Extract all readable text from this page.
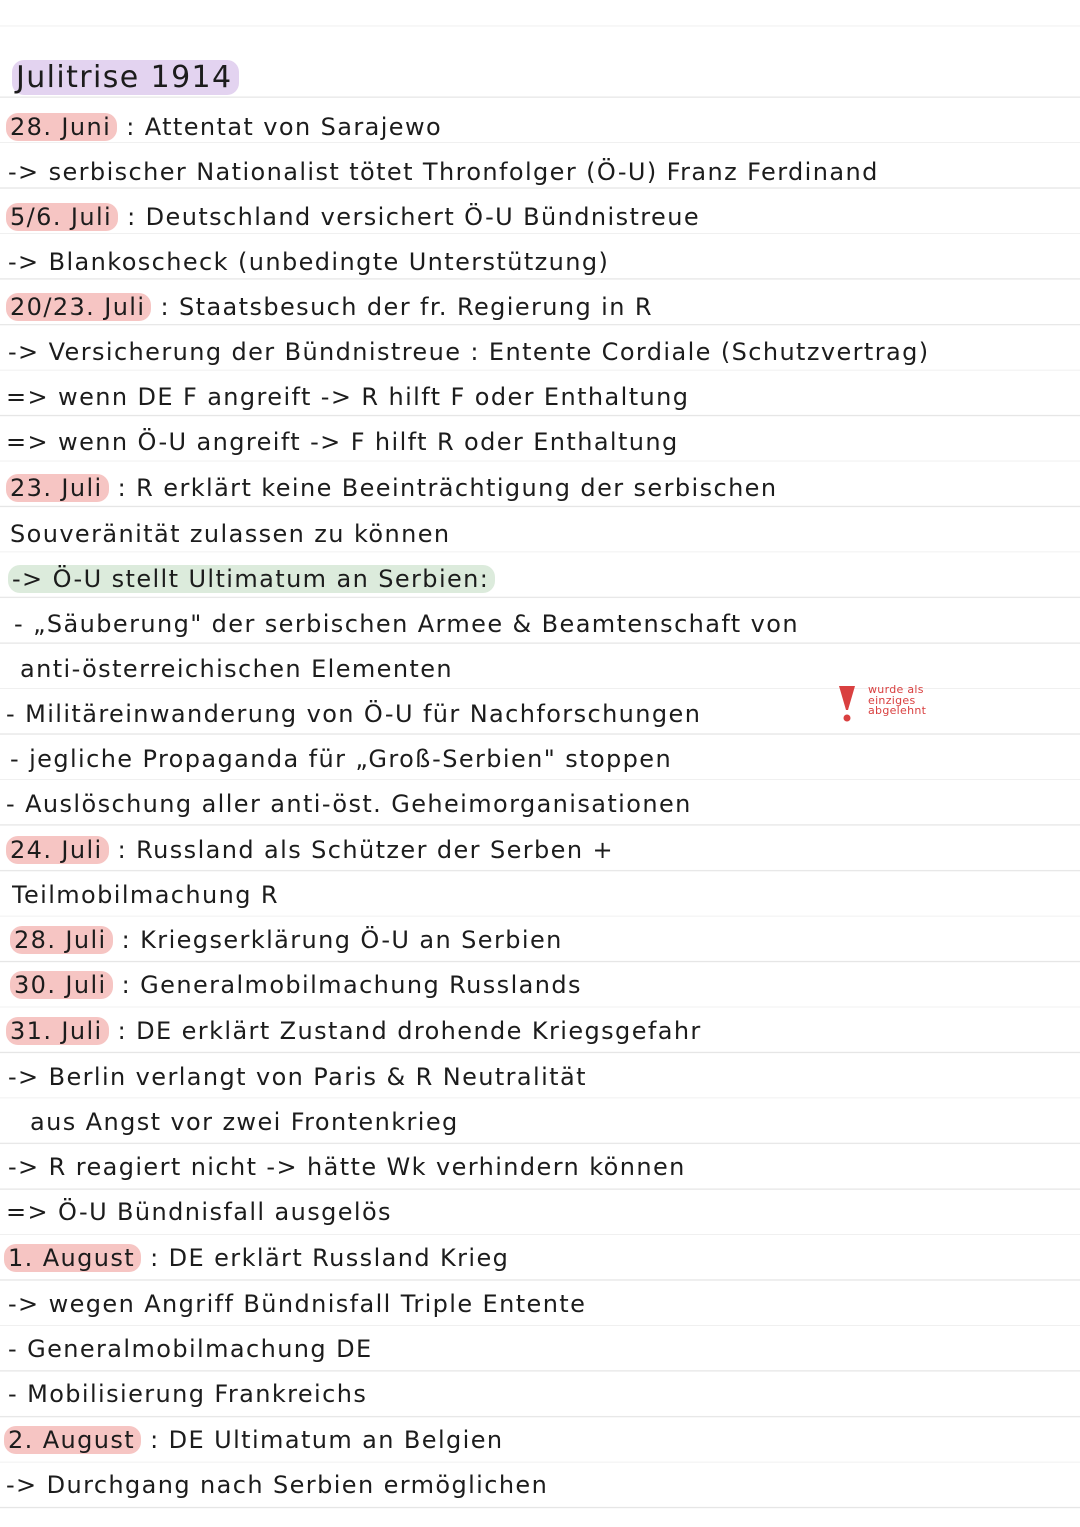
Julitrise 1914
28. Juni : Attentat von Sarajewo
-> serbischer Nationalist tötet Thronfolger (Ö-U) Franz Ferdinand
5/6. Juli : Deutschland versichert Ö-U Bündnistreue
-> Blankoscheck (unbedingte Unterstützung)
20/23. Juli : Staatsbesuch der fr. Regierung in R
-> Versicherung der Bündnistreue : Entente Cordiale (Schutzvertrag)
=> wenn DE F angreift -> R hilft F oder Enthaltung
=> wenn Ö-U angreift -> F hilft R oder Enthaltung
23. Juli : R erklärt keine Beeinträchtigung der serbischen
Souveränität zulassen zu können
-> Ö-U stellt Ultimatum an Serbien:
- „Säuberung" der serbischen Armee & Beamtenschaft von
anti-österreichischen Elementen
- Militäreinwanderung von Ö-U für Nachforschungen
wurde als
einziges
abgelehnt
- jegliche Propaganda für „Groß-Serbien" stoppen
- Auslöschung aller anti-öst. Geheimorganisationen
24. Juli : Russland als Schützer der Serben +
Teilmobilmachung R
28. Juli : Kriegserklärung Ö-U an Serbien
30. Juli : Generalmobilmachung Russlands
31. Juli : DE erklärt Zustand drohende Kriegsgefahr
-> Berlin verlangt von Paris & R Neutralität
aus Angst vor zwei Frontenkrieg
-> R reagiert nicht -> hätte Wk verhindern können
=> Ö-U Bündnisfall ausgelös
1. August : DE erklärt Russland Krieg
-> wegen Angriff Bündnisfall Triple Entente
- Generalmobilmachung DE
- Mobilisierung Frankreichs
2. August : DE Ultimatum an Belgien
-> Durchgang nach Serbien ermöglichen
